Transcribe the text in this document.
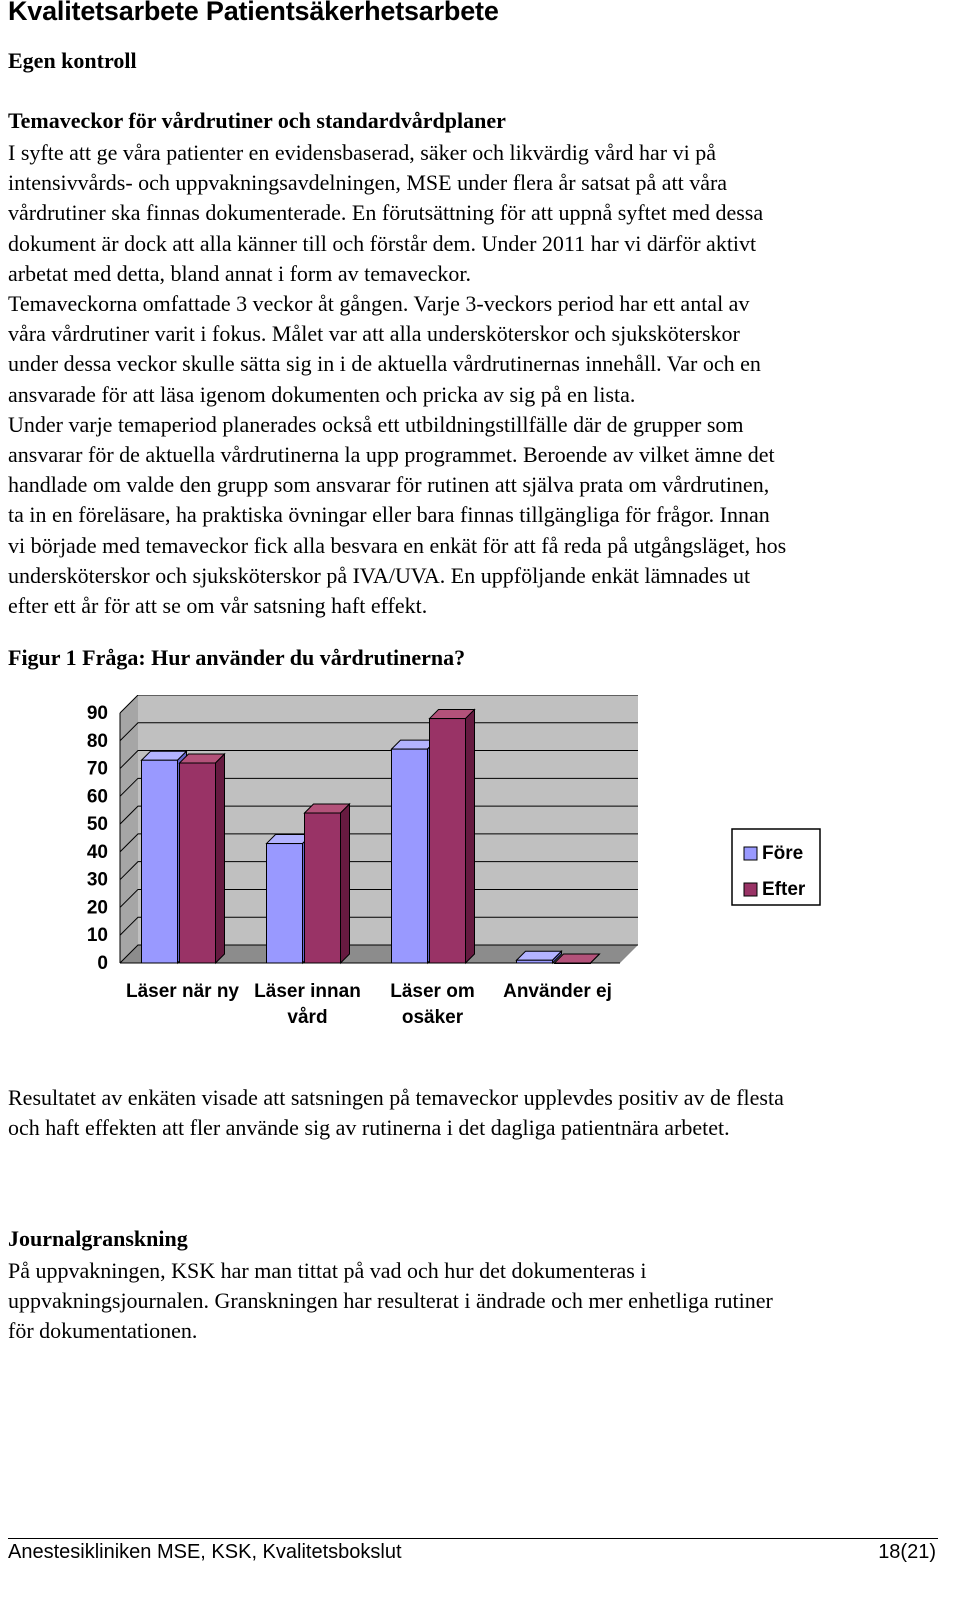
Kvalitetsarbete Patientsäkerhetsarbete
Egen kontroll
Temaveckor för vårdrutiner och standardvårdplaner
I syfte att ge våra patienter en evidensbaserad, säker och likvärdig vård har vi på
intensivvårds- och uppvakningsavdelningen, MSE under flera år satsat på att våra
vårdrutiner ska finnas dokumenterade. En förutsättning för att uppnå syftet med dessa
dokument är dock att alla känner till och förstår dem. Under 2011 har vi därför aktivt
arbetat med detta, bland annat i form av temaveckor.
Temaveckorna omfattade 3 veckor åt gången. Varje 3-veckors period har ett antal av
våra vårdrutiner varit i fokus. Målet var att alla undersköterskor och sjuksköterskor
under dessa veckor skulle sätta sig in i de aktuella vårdrutinernas innehåll. Var och en
ansvarade för att läsa igenom dokumenten och pricka av sig på en lista.
Under varje temaperiod planerades också ett utbildningstillfälle där de grupper som
ansvarar för de aktuella vårdrutinerna la upp programmet. Beroende av vilket ämne det
handlade om valde den grupp som ansvarar för rutinen att själva prata om vårdrutinen,
ta in en föreläsare, ha praktiska övningar eller bara finnas tillgängliga för frågor. Innan
vi började med temaveckor fick alla besvara en enkät för att få reda på utgångsläget, hos
undersköterskor och sjuksköterskor på IVA/UVA. En uppföljande enkät lämnades ut
efter ett år för att se om vår satsning haft effekt.
Figur 1 Fråga: Hur använder du vårdrutinerna?
0
10
20
30
40
50
60
70
80
90
Läser när ny Läser innan
vård
Läser om
osäker
Använder ej
Före
Efter
Resultatet av enkäten visade att satsningen på temaveckor upplevdes positiv av de flesta
och haft effekten att fler använde sig av rutinerna i det dagliga patientnära arbetet.
Journalgranskning
På uppvakningen, KSK har man tittat på vad och hur det dokumenteras i
uppvakningsjournalen. Granskningen har resulterat i ändrade och mer enhetliga rutiner
för dokumentationen.
Anestesikliniken MSE, KSK, Kvalitetsbokslut	18(21)
